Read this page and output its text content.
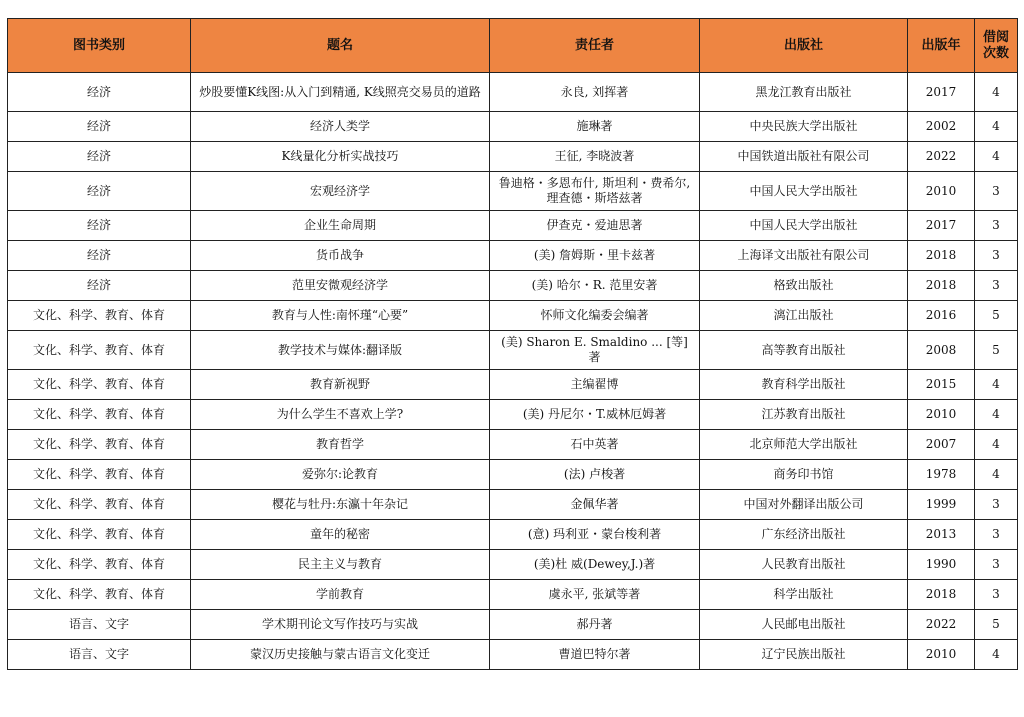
图书类别	题名	责任者	出版社	出版年	借阅次数
经济	炒股要懂K线图:从入门到精通, K线照亮交易员的道路	永良, 刘挥著	黑龙江教育出版社	2017	4
经济	经济人类学	施琳著	中央民族大学出版社	2002	4
经济	K线量化分析实战技巧	王征, 李晓波著	中国铁道出版社有限公司	2022	4
经济	宏观经济学	鲁迪格・多恩布什, 斯坦利・费希尔, 理查德・斯塔兹著	中国人民大学出版社	2010	3
经济	企业生命周期	伊查克・爱迪思著	中国人民大学出版社	2017	3
经济	货币战争	(美) 詹姆斯・里卡兹著	上海译文出版社有限公司	2018	3
经济	范里安微观经济学	(美) 哈尔・R. 范里安著	格致出版社	2018	3
文化、科学、教育、体育	教育与人性:南怀瑾“心要”	怀师文化编委会编著	漓江出版社	2016	5
文化、科学、教育、体育	教学技术与媒体:翻译版	(美) Sharon E. Smaldino ... [等] 著	高等教育出版社	2008	5
文化、科学、教育、体育	教育新视野	主编翟博	教育科学出版社	2015	4
文化、科学、教育、体育	为什么学生不喜欢上学?	(美) 丹尼尔・T.威林厄姆著	江苏教育出版社	2010	4
文化、科学、教育、体育	教育哲学	石中英著	北京师范大学出版社	2007	4
文化、科学、教育、体育	爱弥尔:论教育	(法) 卢梭著	商务印书馆	1978	4
文化、科学、教育、体育	樱花与牡丹:东瀛十年杂记	金佩华著	中国对外翻译出版公司	1999	3
文化、科学、教育、体育	童年的秘密	(意) 玛利亚・蒙台梭利著	广东经济出版社	2013	3
文化、科学、教育、体育	民主主义与教育	(美)杜 威(Dewey,J.)著	人民教育出版社	1990	3
文化、科学、教育、体育	学前教育	虞永平, 张斌等著	科学出版社	2018	3
语言、文字	学术期刊论文写作技巧与实战	郝丹著	人民邮电出版社	2022	5
语言、文字	蒙汉历史接触与蒙古语言文化变迁	曹道巴特尔著	辽宁民族出版社	2010	4
